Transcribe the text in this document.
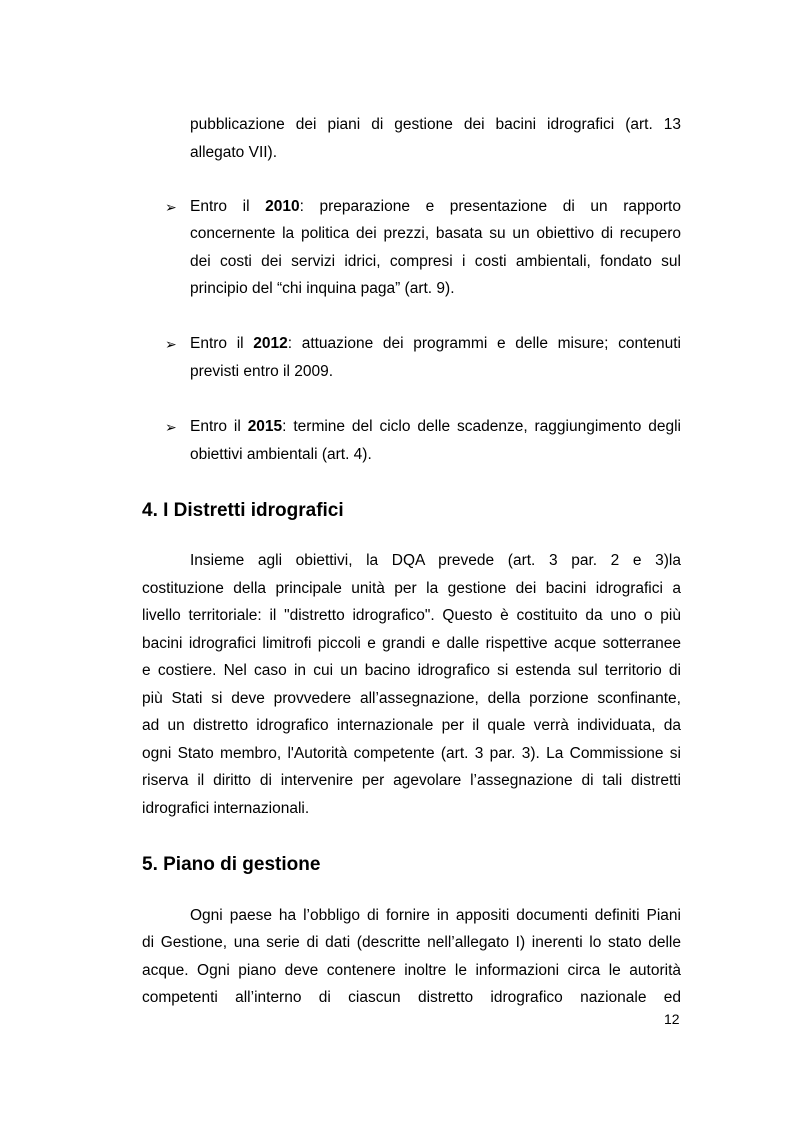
pubblicazione dei piani di gestione dei bacini idrografici (art. 13
allegato VII).
➢ Entro il 2010: preparazione e presentazione di un rapporto
concernente la politica dei prezzi, basata su un obiettivo di recupero
dei costi dei servizi idrici, compresi i costi ambientali, fondato sul
principio del “chi inquina paga” (art. 9).
➢ Entro il 2012: attuazione dei programmi e delle misure; contenuti
previsti entro il 2009.
➢ Entro il 2015: termine del ciclo delle scadenze, raggiungimento degli
obiettivi ambientali (art. 4).
4. I Distretti idrografici
Insieme agli obiettivi, la DQA prevede (art. 3 par. 2 e 3)la
costituzione della principale unità per la gestione dei bacini idrografici a
livello territoriale: il "distretto idrografico". Questo è costituito da uno o più
bacini idrografici limitrofi piccoli e grandi e dalle rispettive acque sotterranee
e costiere. Nel caso in cui un bacino idrografico si estenda sul territorio di
più Stati si deve provvedere all’assegnazione, della porzione sconfinante,
ad un distretto idrografico internazionale per il quale verrà individuata, da
ogni Stato membro, l'Autorità competente (art. 3 par. 3). La Commissione si
riserva il diritto di intervenire per agevolare l’assegnazione di tali distretti
idrografici internazionali.
5. Piano di gestione
Ogni paese ha l’obbligo di fornire in appositi documenti definiti Piani
di Gestione, una serie di dati (descritte nell’allegato I) inerenti lo stato delle
acque. Ogni piano deve contenere inoltre le informazioni circa le autorità
competenti all’interno di ciascun distretto idrografico nazionale ed
12
